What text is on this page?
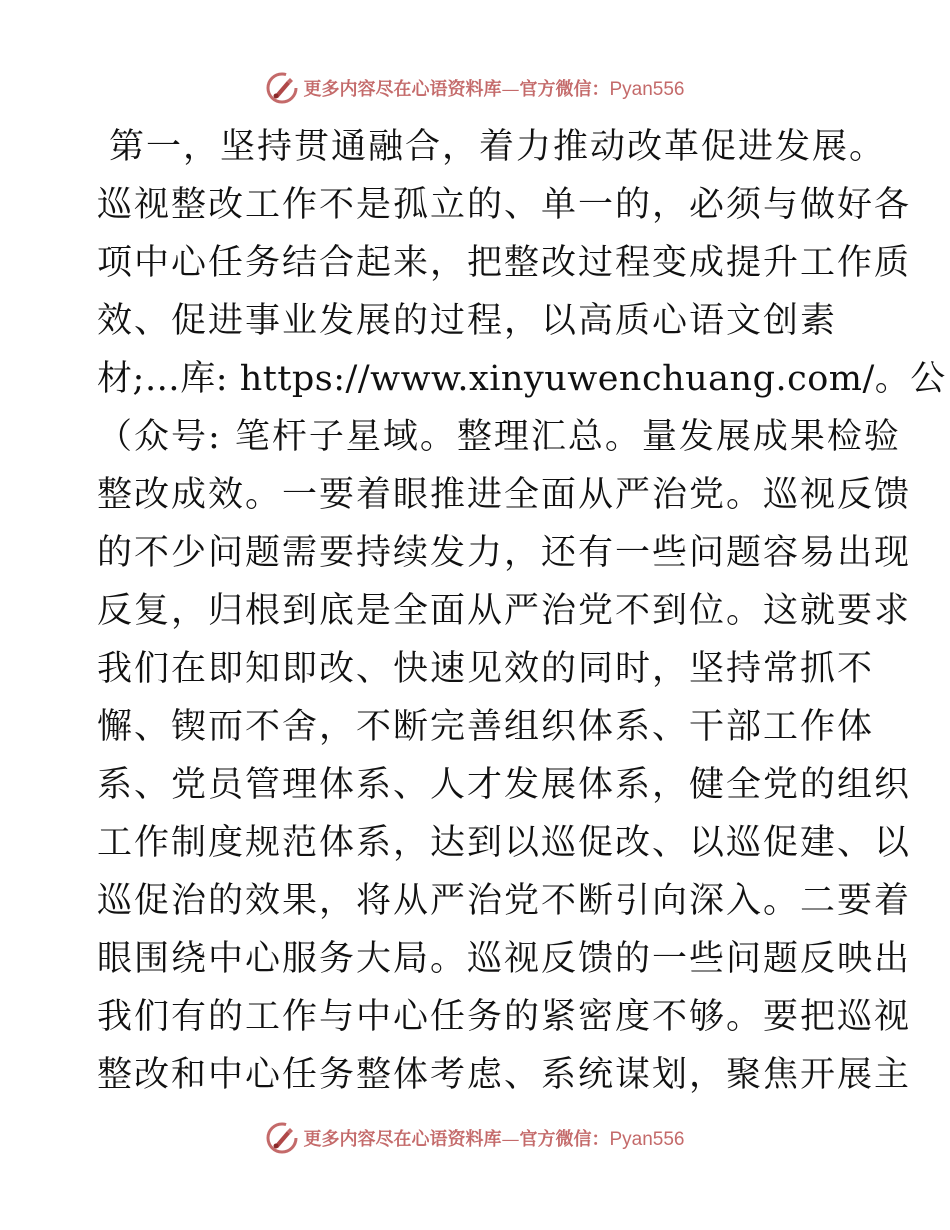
更多内容尽在心语资料库—官方微信：Pyan556
第一，坚持贯通融合，着力推动改革促进发展。
巡视整改工作不是孤立的、单一的，必须与做好各
项中心任务结合起来，把整改过程变成提升工作质
效、促进事业发展的过程，以高质心语文创素
材;…库: https://www.xinyuwenchuang.com/。公
（众号: 笔杆子星域。整理汇总。量发展成果检验
整改成效。一要着眼推进全面从严治党。巡视反馈
的不少问题需要持续发力，还有一些问题容易出现
反复，归根到底是全面从严治党不到位。这就要求
我们在即知即改、快速见效的同时，坚持常抓不
懈、锲而不舍，不断完善组织体系、干部工作体
系、党员管理体系、人才发展体系，健全党的组织
工作制度规范体系，达到以巡促改、以巡促建、以
巡促治的效果，将从严治党不断引向深入。二要着
眼围绕中心服务大局。巡视反馈的一些问题反映出
我们有的工作与中心任务的紧密度不够。要把巡视
整改和中心任务整体考虑、系统谋划，聚焦开展主
更多内容尽在心语资料库—官方微信：Pyan556
